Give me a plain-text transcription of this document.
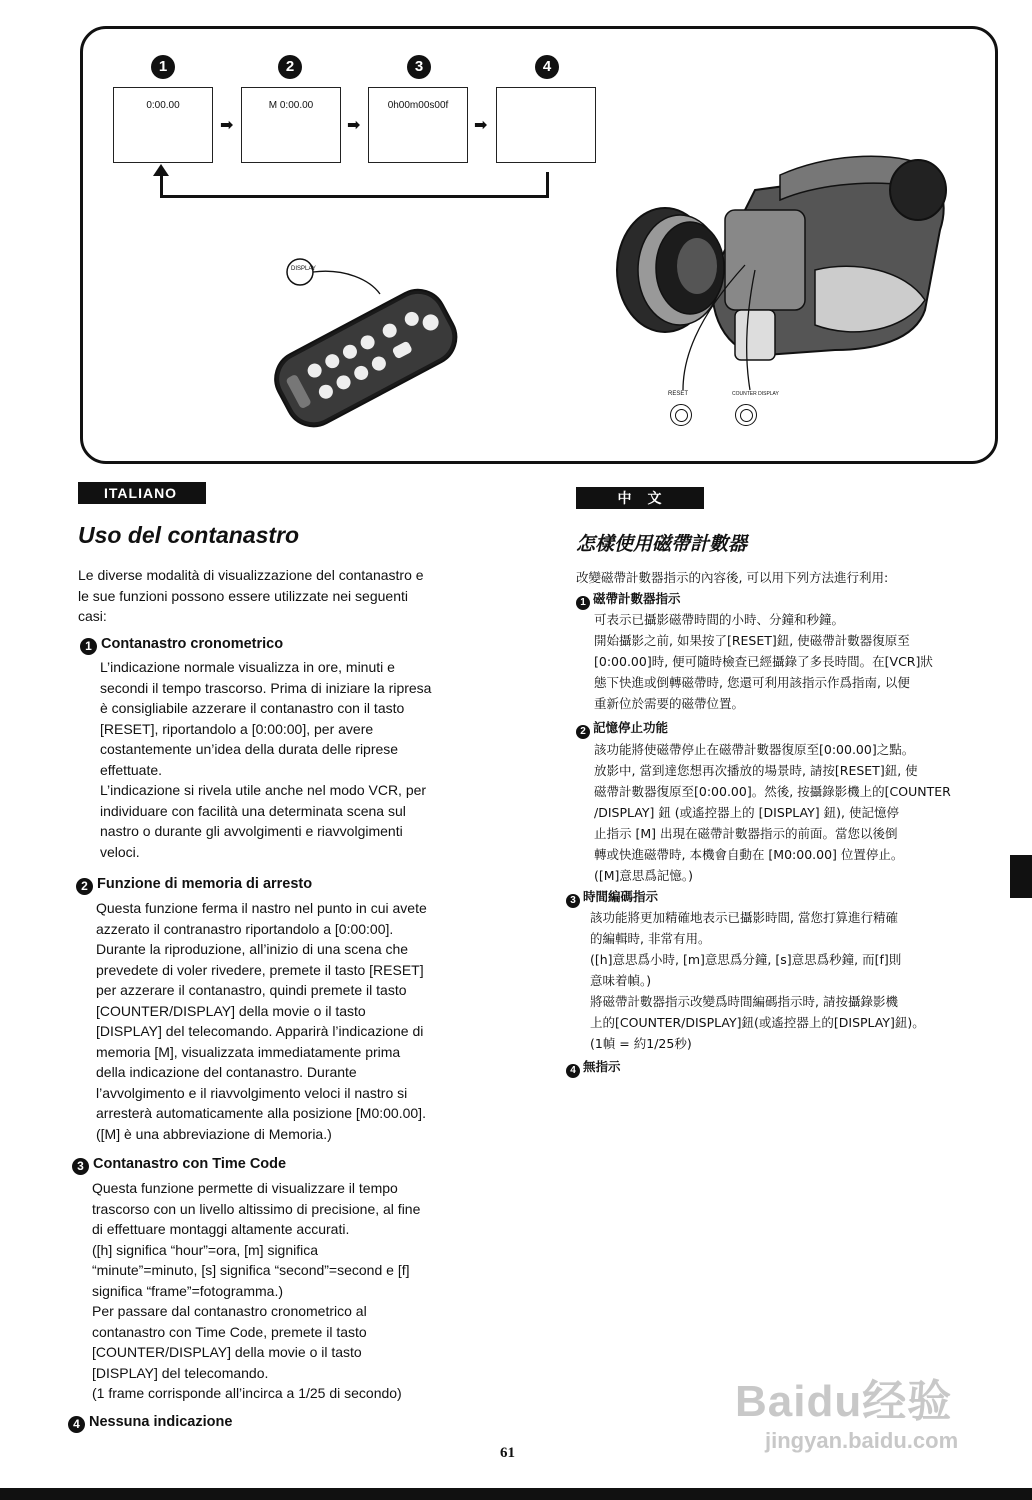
1	2	3	4
0:00.00	M 0:00.00	0h00m00s00f
➡	➡	➡
RESET	COUNTER DISPLAY
DISPLAY
ITALIANO
Uso del contanastro
Le diverse modalità di visualizzazione del contanastro e
le sue funzioni possono essere utilizzate nei seguenti
casi:
1 Contanastro cronometrico
L’indicazione normale visualizza in ore, minuti e
secondi il tempo trascorso. Prima di iniziare la ripresa
è consigliabile azzerare il contanastro con il tasto
[RESET], riportandolo a [0:00:00], per avere
costantemente un’idea della durata delle riprese
effettuate.
L’indicazione si rivela utile anche nel modo VCR, per
individuare con facilità una determinata scena sul
nastro o durante gli avvolgimenti e riavvolgimenti
veloci.
2 Funzione di memoria di arresto
Questa funzione ferma il nastro nel punto in cui avete
azzerato il contranastro riportandolo a [0:00:00].
Durante la riproduzione, all’inizio di una scena che
prevedete di voler rivedere, premete il tasto [RESET]
per azzerare il contanastro, quindi premete il tasto
[COUNTER/DISPLAY] della movie o il tasto
[DISPLAY] del telecomando. Apparirà l’indicazione di
memoria [M], visualizzata immediatamente prima
della indicazione del contanastro. Durante
l’avvolgimento e il riavvolgimento veloci il nastro si
arresterà automaticamente alla posizione [M0:00.00].
([M] è una abbreviazione di Memoria.)
3 Contanastro con Time Code
Questa funzione permette di visualizzare il tempo
trascorso con un livello altissimo di precisione, al fine
di effettuare montaggi altamente accurati.
([h] significa “hour”=ora, [m] significa
“minute”=minuto, [s] significa “second”=second e [f]
significa “frame”=fotogramma.)
Per passare dal contanastro cronometrico al
contanastro con Time Code, premete il tasto
[COUNTER/DISPLAY] della movie o il tasto
[DISPLAY] del telecomando.
(1 frame corrisponde all’incirca a 1/25 di secondo)
4 Nessuna indicazione
中　文
怎樣使用磁帶計數器
改變磁帶計數器指示的內容後, 可以用下列方法進行利用:
1 磁帶計數器指示
可表示已攝影磁帶時間的小時、分鐘和秒鐘。
開始攝影之前, 如果按了[RESET]鈕, 使磁帶計數器復原至
[0:00.00]時, 便可隨時檢查已經攝錄了多長時間。在[VCR]狀
態下快進或倒轉磁帶時, 您還可利用該指示作爲指南, 以便
重新位於需要的磁帶位置。
2 記憶停止功能
該功能將使磁帶停止在磁帶計數器復原至[0:00.00]之點。
放影中, 當到達您想再次播放的場景時, 請按[RESET]鈕, 使
磁帶計數器復原至[0:00.00]。然後, 按攝錄影機上的[COUNTER
/DISPLAY] 鈕 (或遙控器上的 [DISPLAY] 鈕), 使記憶停
止指示 [M] 出現在磁帶計數器指示的前面。當您以後倒
轉或快進磁帶時, 本機會自動在 [M0:00.00] 位置停止。
([M]意思爲記憶。)
3 時間編碼指示
該功能將更加精確地表示已攝影時間, 當您打算進行精確
的編輯時, 非常有用。
([h]意思爲小時, [m]意思爲分鐘, [s]意思爲秒鐘, 而[f]則
意味着幀。)
將磁帶計數器指示改變爲時間編碼指示時, 請按攝錄影機
上的[COUNTER/DISPLAY]鈕(或遙控器上的[DISPLAY]鈕)。
(1幀 = 約1/25秒)
4 無指示
61
Baidu经验
jingyan.baidu.com
